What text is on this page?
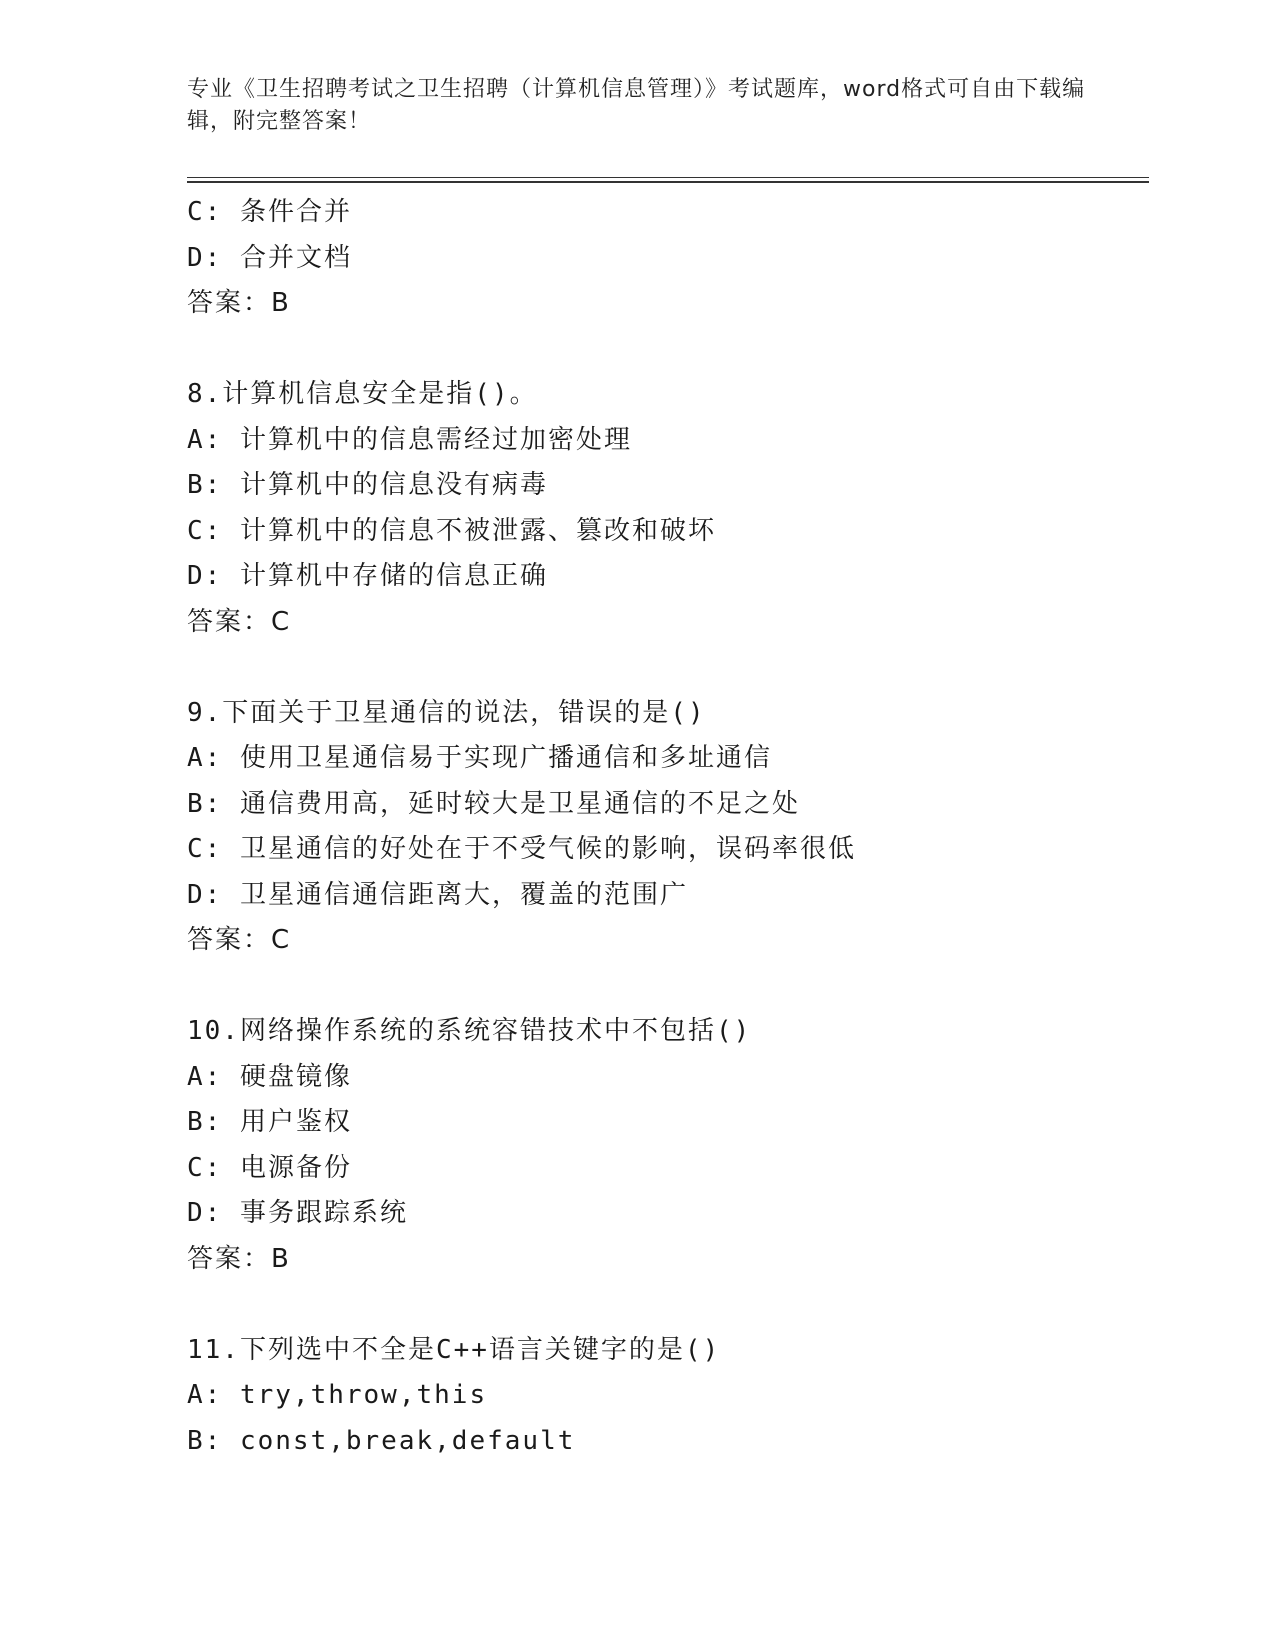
专业《卫生招聘考试之卫生招聘（计算机信息管理）》考试题库，word格式可自由下载编辑，附完整答案！
C: 条件合并
D: 合并文档
答案：B
8.计算机信息安全是指()。
A: 计算机中的信息需经过加密处理
B: 计算机中的信息没有病毒
C: 计算机中的信息不被泄露、篡改和破坏
D: 计算机中存储的信息正确
答案：C
9.下面关于卫星通信的说法，错误的是()
A: 使用卫星通信易于实现广播通信和多址通信
B: 通信费用高，延时较大是卫星通信的不足之处
C: 卫星通信的好处在于不受气候的影响，误码率很低
D: 卫星通信通信距离大，覆盖的范围广
答案：C
10.网络操作系统的系统容错技术中不包括()
A: 硬盘镜像
B: 用户鉴权
C: 电源备份
D: 事务跟踪系统
答案：B
11.下列选中不全是C++语言关键字的是()
A: try,throw,this
B: const,break,default
